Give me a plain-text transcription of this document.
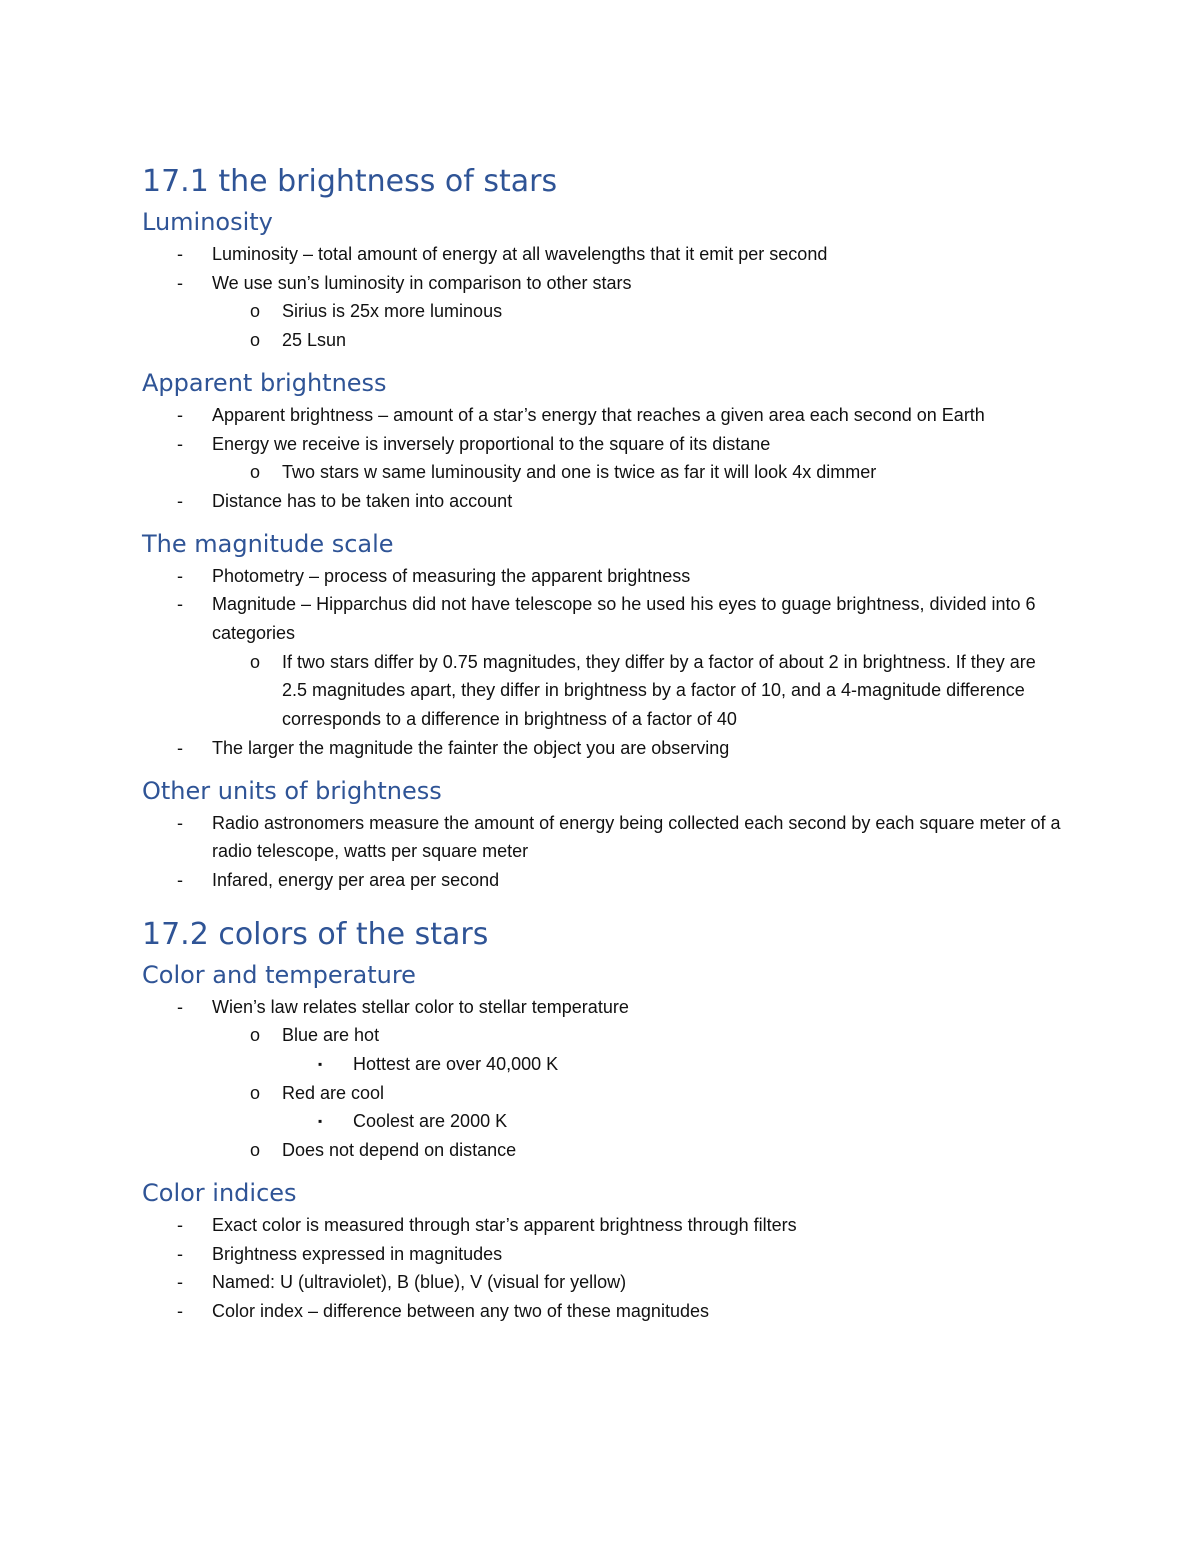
17.1 the brightness of stars
Luminosity
- Luminosity – total amount of energy at all wavelengths that it emit per second
- We use sun’s luminosity in comparison to other stars
o Sirius is 25x more luminous
o 25 Lsun
Apparent brightness
- Apparent brightness – amount of a star’s energy that reaches a given area each second on Earth
- Energy we receive is inversely proportional to the square of its distane
o Two stars w same luminousity and one is twice as far it will look 4x dimmer
- Distance has to be taken into account
The magnitude scale
- Photometry – process of measuring the apparent brightness
- Magnitude – Hipparchus did not have telescope so he used his eyes to guage brightness, divided into 6 categories
o If two stars differ by 0.75 magnitudes, they differ by a factor of about 2 in brightness. If they are 2.5 magnitudes apart, they differ in brightness by a factor of 10, and a 4-magnitude difference corresponds to a difference in brightness of a factor of 40
- The larger the magnitude the fainter the object you are observing
Other units of brightness
- Radio astronomers measure the amount of energy being collected each second by each square meter of a radio telescope, watts per square meter
- Infared, energy per area per second
17.2 colors of the stars
Color and temperature
- Wien’s law relates stellar color to stellar temperature
o Blue are hot
▪ Hottest are over 40,000 K
o Red are cool
▪ Coolest are 2000 K
o Does not depend on distance
Color indices
- Exact color is measured through star’s apparent brightness through filters
- Brightness expressed in magnitudes
- Named: U (ultraviolet), B (blue), V (visual for yellow)
- Color index – difference between any two of these magnitudes
